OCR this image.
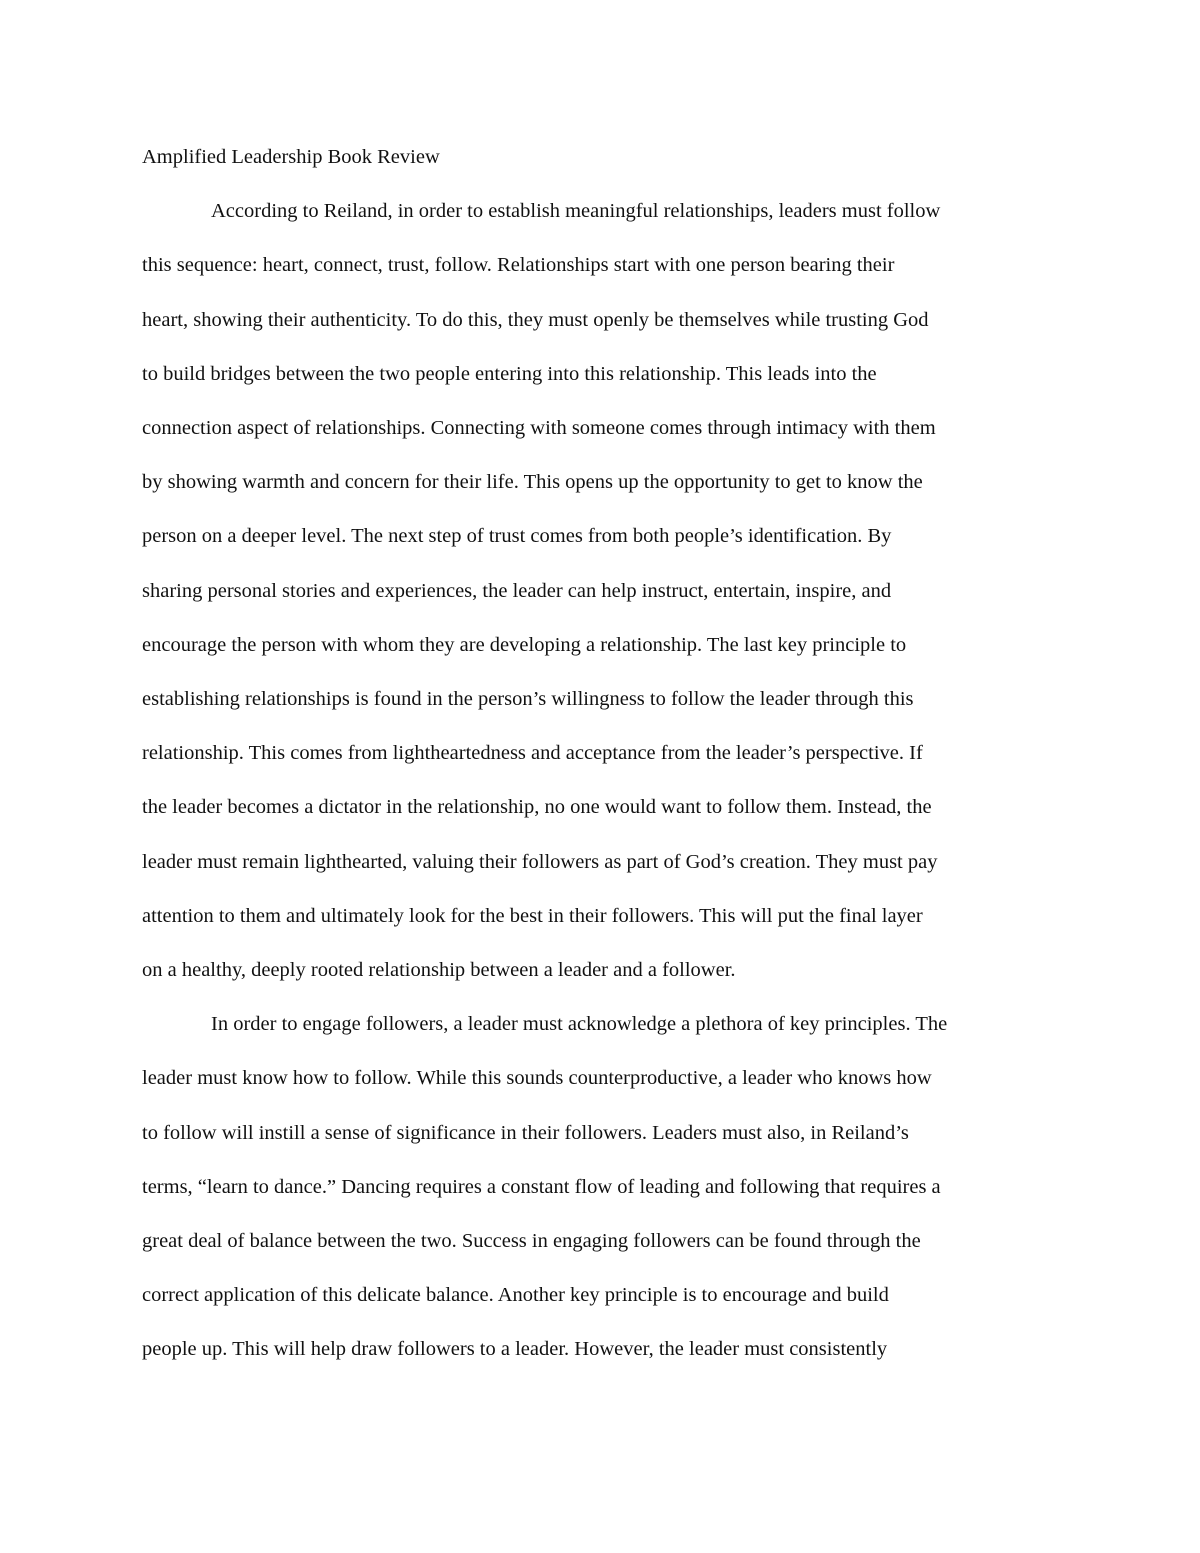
Amplified Leadership Book Review

According to Reiland, in order to establish meaningful relationships, leaders must follow
this sequence: heart, connect, trust, follow. Relationships start with one person bearing their
heart, showing their authenticity. To do this, they must openly be themselves while trusting God
to build bridges between the two people entering into this relationship. This leads into the
connection aspect of relationships. Connecting with someone comes through intimacy with them
by showing warmth and concern for their life. This opens up the opportunity to get to know the
person on a deeper level. The next step of trust comes from both people’s identification. By
sharing personal stories and experiences, the leader can help instruct, entertain, inspire, and
encourage the person with whom they are developing a relationship. The last key principle to
establishing relationships is found in the person’s willingness to follow the leader through this
relationship. This comes from lightheartedness and acceptance from the leader’s perspective. If
the leader becomes a dictator in the relationship, no one would want to follow them. Instead, the
leader must remain lighthearted, valuing their followers as part of God’s creation. They must pay
attention to them and ultimately look for the best in their followers. This will put the final layer
on a healthy, deeply rooted relationship between a leader and a follower.

In order to engage followers, a leader must acknowledge a plethora of key principles. The
leader must know how to follow. While this sounds counterproductive, a leader who knows how
to follow will instill a sense of significance in their followers. Leaders must also, in Reiland’s
terms, “learn to dance.” Dancing requires a constant flow of leading and following that requires a
great deal of balance between the two. Success in engaging followers can be found through the
correct application of this delicate balance. Another key principle is to encourage and build
people up. This will help draw followers to a leader. However, the leader must consistently
